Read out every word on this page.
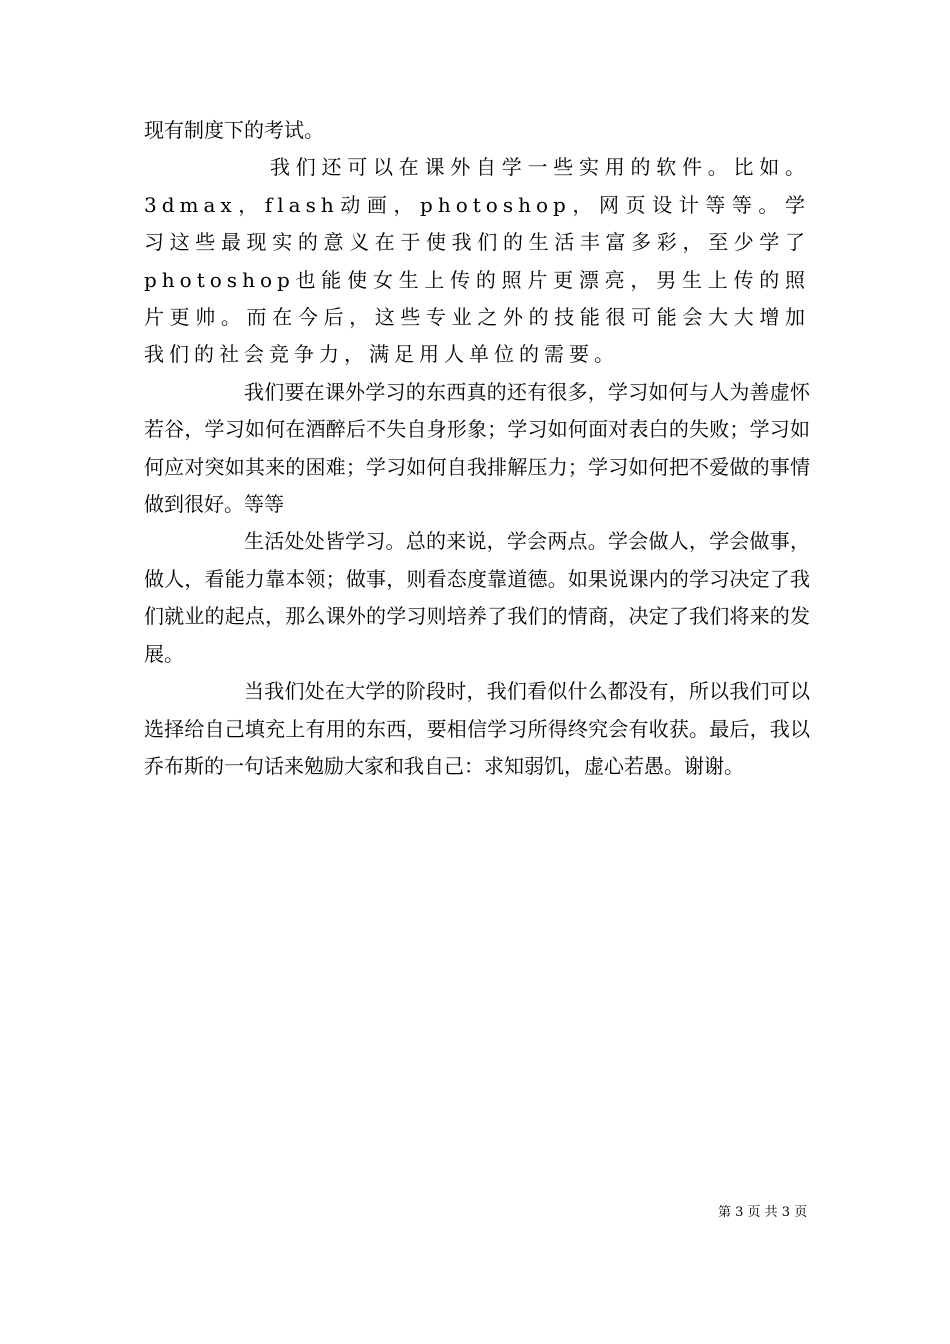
现有制度下的考试。

我们还可以在课外自学一些实用的软件。比如。3dmax，flash动画，photoshop，网页设计等等。学习这些最现实的意义在于使我们的生活丰富多彩，至少学了photoshop也能使女生上传的照片更漂亮，男生上传的照片更帅。而在今后，这些专业之外的技能很可能会大大增加我们的社会竞争力，满足用人单位的需要。

我们要在课外学习的东西真的还有很多，学习如何与人为善虚怀若谷，学习如何在酒醉后不失自身形象；学习如何面对表白的失败；学习如何应对突如其来的困难；学习如何自我排解压力；学习如何把不爱做的事情做到很好。等等

生活处处皆学习。总的来说，学会两点。学会做人，学会做事，做人，看能力靠本领；做事，则看态度靠道德。如果说课内的学习决定了我们就业的起点，那么课外的学习则培养了我们的情商，决定了我们将来的发展。

当我们处在大学的阶段时，我们看似什么都没有，所以我们可以选择给自己填充上有用的东西，要相信学习所得终究会有收获。最后，我以乔布斯的一句话来勉励大家和我自己：求知弱饥，虚心若愚。谢谢。

第 3 页 共 3 页
